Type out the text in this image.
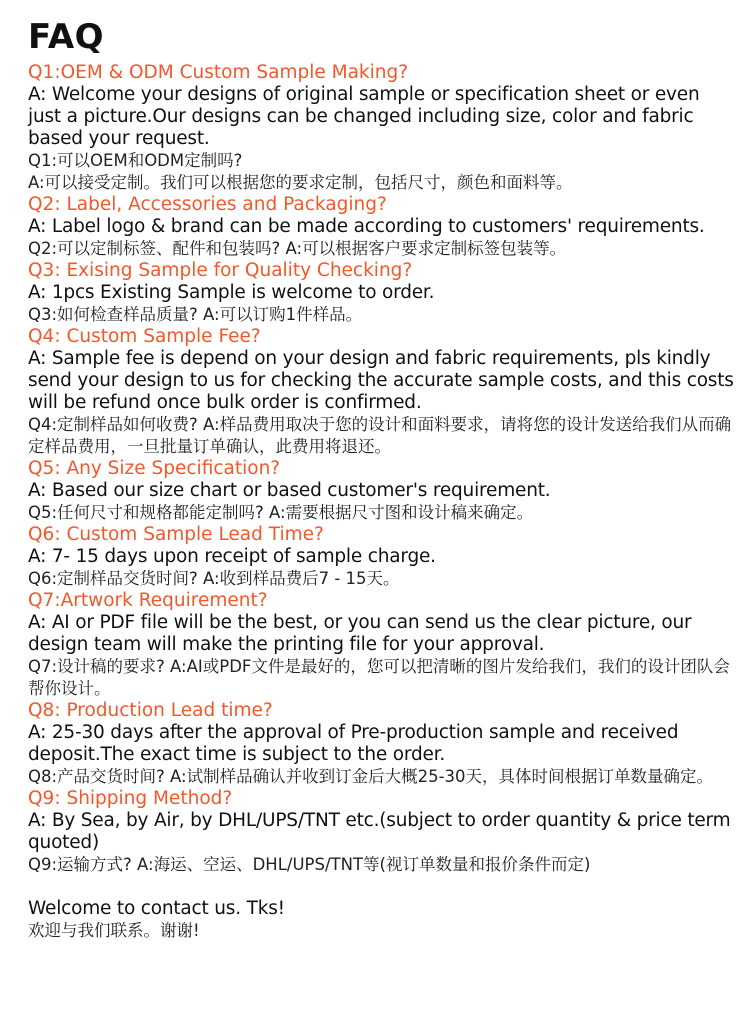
FAQ

Q1:OEM & ODM Custom Sample Making?

A: Welcome your designs of original sample or specification sheet or even just a picture.Our designs can be changed including size, color and fabric based your request.

Q1:可以OEM和ODM定制吗?

A:可以接受定制。我们可以根据您的要求定制，包括尺寸，颜色和面料等。

Q2: Label, Accessories and Packaging?

A: Label logo & brand can be made according to customers' requirements.

Q2:可以定制标签、配件和包装吗? A:可以根据客户要求定制标签包装等。

Q3: Exising Sample for Quality Checking?

A: 1pcs Existing Sample is welcome to order.

Q3:如何检查样品质量? A:可以订购1件样品。

Q4: Custom Sample Fee?

A: Sample fee is depend on your design and fabric requirements, pls kindly send your design to us for checking the accurate sample costs, and this costs will be refund once bulk order is confirmed.

Q4:定制样品如何收费? A:样品费用取决于您的设计和面料要求，请将您的设计发送给我们从而确定样品费用，一旦批量订单确认，此费用将退还。

Q5: Any Size Specification?

A: Based our size chart or based customer's requirement.

Q5:任何尺寸和规格都能定制吗? A:需要根据尺寸图和设计稿来确定。

Q6: Custom Sample Lead Time?

A: 7- 15 days upon receipt of sample charge.

Q6:定制样品交货时间? A:收到样品费后7 - 15天。

Q7:Artwork Requirement?

A: AI or PDF file will be the best, or you can send us the clear picture, our design team will make the printing file for your approval.

Q7:设计稿的要求? A:AI或PDF文件是最好的，您可以把清晰的图片发给我们，我们的设计团队会帮你设计。

Q8: Production Lead time?

A: 25-30 days after the approval of Pre-production sample and received deposit.The exact time is subject to the order.

Q8:产品交货时间? A:试制样品确认并收到订金后大概25-30天，具体时间根据订单数量确定。

Q9: Shipping Method?

A: By Sea, by Air, by DHL/UPS/TNT etc.(subject to order quantity & price term quoted)

Q9:运输方式? A:海运、空运、DHL/UPS/TNT等(视订单数量和报价条件而定)

Welcome to contact us. Tks!

欢迎与我们联系。谢谢!
